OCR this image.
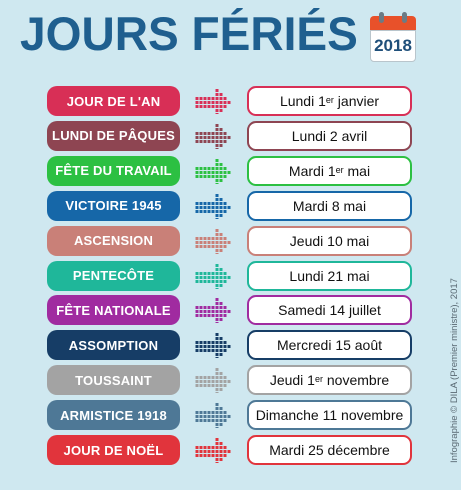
JOURS FÉRIÉS 2018
JOUR DE L'AN	Lundi 1er janvier
LUNDI DE PÂQUES	Lundi 2 avril
FÊTE DU TRAVAIL	Mardi 1er mai
VICTOIRE 1945	Mardi 8 mai
ASCENSION	Jeudi 10 mai
PENTECÔTE	Lundi 21 mai
FÊTE NATIONALE	Samedi 14 juillet
ASSOMPTION	Mercredi 15 août
TOUSSAINT	Jeudi 1er novembre
ARMISTICE 1918	Dimanche 11 novembre
JOUR DE NOËL	Mardi 25 décembre	Infographie © DILA (Premier ministre), 2017
